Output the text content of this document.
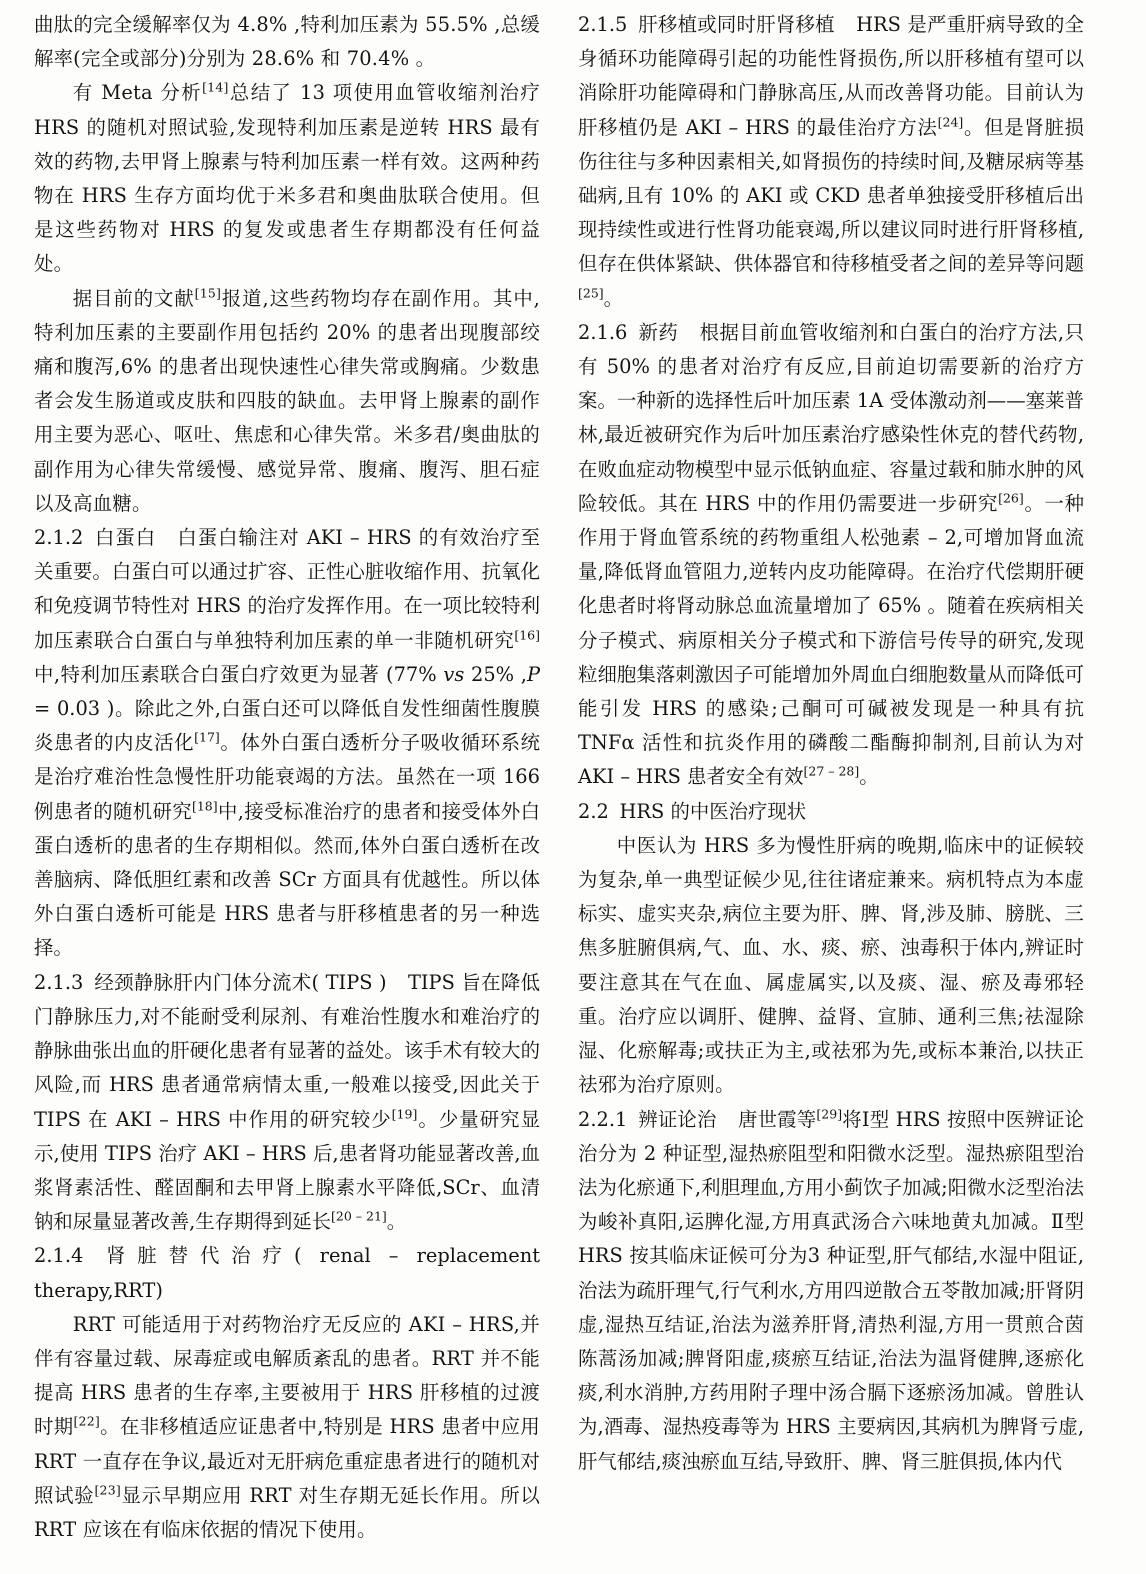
曲肽的完全缓解率仅为 4.8% ,特利加压素为 55.5% ,总缓解率(完全或部分)分别为 28.6% 和 70.4% 。

有 Meta 分析[14]总结了 13 项使用血管收缩剂治疗 HRS 的随机对照试验,发现特利加压素是逆转 HRS 最有效的药物,去甲肾上腺素与特利加压素一样有效。这两种药物在 HRS 生存方面均优于米多君和奥曲肽联合使用。但是这些药物对 HRS 的复发或患者生存期都没有任何益处。

据目前的文献[15]报道,这些药物均存在副作用。其中,特利加压素的主要副作用包括约 20% 的患者出现腹部绞痛和腹泻,6% 的患者出现快速性心律失常或胸痛。少数患者会发生肠道或皮肤和四肢的缺血。去甲肾上腺素的副作用主要为恶心、呕吐、焦虑和心律失常。米多君/奥曲肽的副作用为心律失常缓慢、感觉异常、腹痛、腹泻、胆石症以及高血糖。

2.1.2 白蛋白 白蛋白输注对 AKI – HRS 的有效治疗至关重要。白蛋白可以通过扩容、正性心脏收缩作用、抗氧化和免疫调节特性对 HRS 的治疗发挥作用。在一项比较特利加压素联合白蛋白与单独特利加压素的单一非随机研究[16]中,特利加压素联合白蛋白疗效更为显著 (77% vs 25% ,P = 0.03 )。除此之外,白蛋白还可以降低自发性细菌性腹膜炎患者的内皮活化[17]。体外白蛋白透析分子吸收循环系统是治疗难治性急慢性肝功能衰竭的方法。虽然在一项 166 例患者的随机研究[18]中,接受标准治疗的患者和接受体外白蛋白透析的患者的生存期相似。然而,体外白蛋白透析在改善脑病、降低胆红素和改善 SCr 方面具有优越性。所以体外白蛋白透析可能是 HRS 患者与肝移植患者的另一种选择。
2.1.3 经颈静脉肝内门体分流术( TIPS ) TIPS 旨在降低门静脉压力,对不能耐受利尿剂、有难治性腹水和难治疗的静脉曲张出血的肝硬化患者有显著的益处。该手术有较大的风险,而 HRS 患者通常病情太重,一般难以接受,因此关于 TIPS 在 AKI – HRS 中作用的研究较少[19]。少量研究显示,使用 TIPS 治疗 AKI – HRS 后,患者肾功能显著改善,血浆肾素活性、醛固酮和去甲肾上腺素水平降低,SCr、血清钠和尿量显著改善,生存期得到延长[20 – 21]。
2.1.4 肾脏替代治疗( renal – replacement therapy,RRT)

RRT 可能适用于对药物治疗无反应的 AKI – HRS,并伴有容量过载、尿毒症或电解质紊乱的患者。RRT 并不能提高 HRS 患者的生存率,主要被用于 HRS 肝移植的过渡时期[22]。在非移植适应证患者中,特别是 HRS 患者中应用 RRT 一直存在争议,最近对无肝病危重症患者进行的随机对照试验[23]显示早期应用 RRT 对生存期无延长作用。所以 RRT 应该在有临床依据的情况下使用。

2.1.5 肝移植或同时肝肾移植 HRS 是严重肝病导致的全身循环功能障碍引起的功能性肾损伤,所以肝移植有望可以消除肝功能障碍和门静脉高压,从而改善肾功能。目前认为肝移植仍是 AKI – HRS 的最佳治疗方法[24]。但是肾脏损伤往往与多种因素相关,如肾损伤的持续时间,及糖尿病等基础病,且有 10% 的 AKI 或 CKD 患者单独接受肝移植后出现持续性或进行性肾功能衰竭,所以建议同时进行肝肾移植,但存在供体紧缺、供体器官和待移植受者之间的差异等问题[25]。
2.1.6 新药 根据目前血管收缩剂和白蛋白的治疗方法,只有 50% 的患者对治疗有反应,目前迫切需要新的治疗方案。一种新的选择性后叶加压素 1A 受体激动剂——塞莱普林,最近被研究作为后叶加压素治疗感染性休克的替代药物,在败血症动物模型中显示低钠血症、容量过载和肺水肿的风险较低。其在 HRS 中的作用仍需要进一步研究[26]。一种作用于肾血管系统的药物重组人松弛素 – 2,可增加肾血流量,降低肾血管阻力,逆转内皮功能障碍。在治疗代偿期肝硬化患者时将肾动脉总血流量增加了 65% 。随着在疾病相关分子模式、病原相关分子模式和下游信号传导的研究,发现粒细胞集落刺激因子可能增加外周血白细胞数量从而降低可能引发 HRS 的感染;己酮可可碱被发现是一种具有抗 TNFα 活性和抗炎作用的磷酸二酯酶抑制剂,目前认为对 AKI – HRS 患者安全有效[27 – 28]。
2.2 HRS 的中医治疗现状

中医认为 HRS 多为慢性肝病的晚期,临床中的证候较为复杂,单一典型证候少见,往往诸症兼来。病机特点为本虚标实、虚实夹杂,病位主要为肝、脾、肾,涉及肺、膀胱、三焦多脏腑俱病,气、血、水、痰、瘀、浊毒积于体内,辨证时要注意其在气在血、属虚属实,以及痰、湿、瘀及毒邪轻重。治疗应以调肝、健脾、益肾、宣肺、通利三焦;祛湿除湿、化瘀解毒;或扶正为主,或祛邪为先,或标本兼治,以扶正祛邪为治疗原则。

2.2.1 辨证论治 唐世霞等[29]将Ⅰ型 HRS 按照中医辨证论治分为 2 种证型,湿热瘀阻型和阳微水泛型。湿热瘀阻型治法为化瘀通下,利胆理血,方用小蓟饮子加减;阳微水泛型治法为峻补真阳,运脾化湿,方用真武汤合六味地黄丸加减。Ⅱ型 HRS 按其临床证候可分为3 种证型,肝气郁结,水湿中阻证,治法为疏肝理气,行气利水,方用四逆散合五苓散加减;肝肾阴虚,湿热互结证,治法为滋养肝肾,清热利湿,方用一贯煎合茵陈蒿汤加减;脾肾阳虚,痰瘀互结证,治法为温肾健脾,逐瘀化痰,利水消肿,方药用附子理中汤合膈下逐瘀汤加减。曾胜认为,酒毒、湿热疫毒等为 HRS 主要病因,其病机为脾肾亏虚,肝气郁结,痰浊瘀血互结,导致肝、脾、肾三脏俱损,体内代
